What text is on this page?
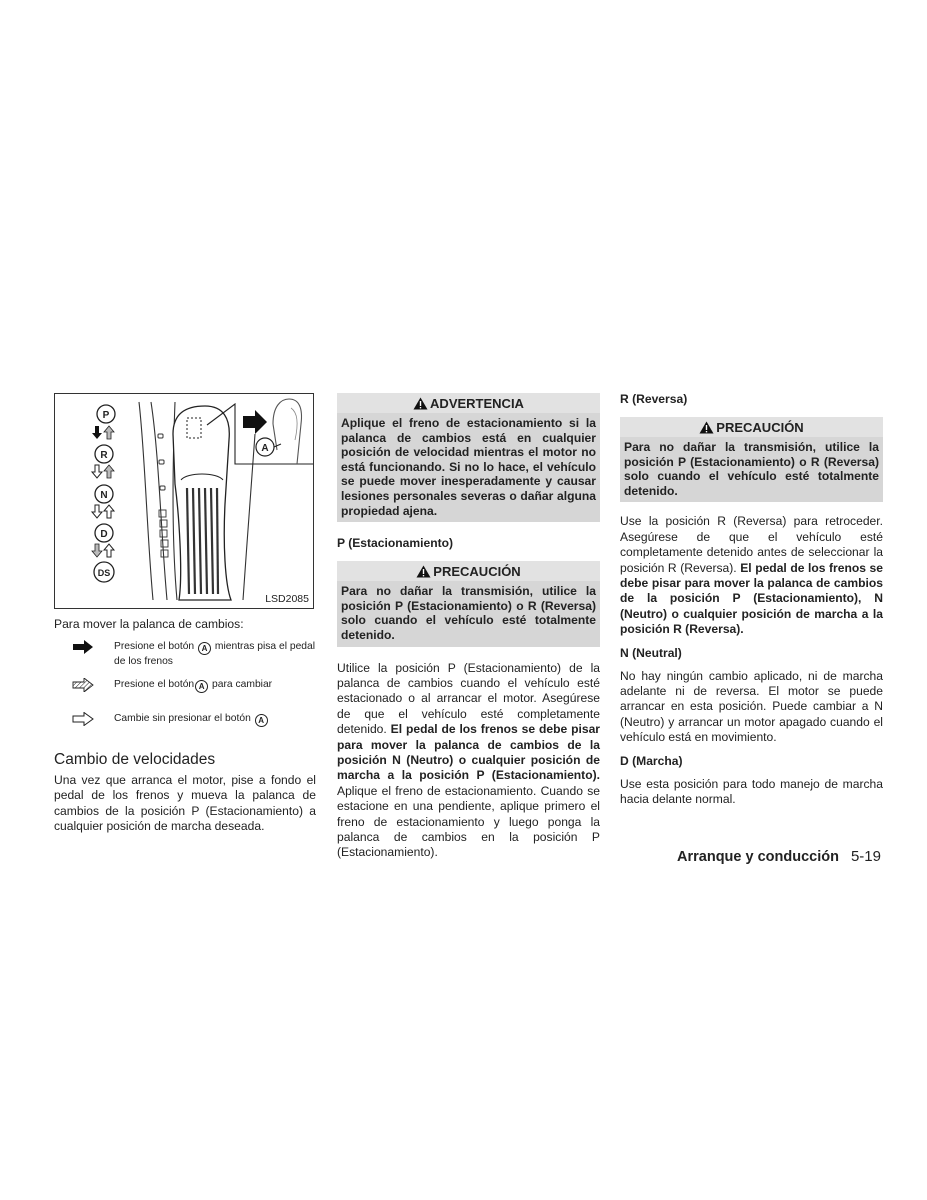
P
R
N
D
DS
A
LSD2085
Para mover la palanca de cambios:
Presione el botón A mientras pisa el pedal de los frenos
Presione el botón A para cambiar
Cambie sin presionar el botón A
Cambio de velocidades

Una vez que arranca el motor, pise a fondo el pedal de los frenos y mueva la palanca de cambios de la posición P (Estacionamiento) a cualquier posición de marcha deseada.

ADVERTENCIA
Aplique el freno de estacionamiento si la palanca de cambios está en cualquier posición de velocidad mientras el motor no está funcionando. Si no lo hace, el vehículo se puede mover inesperadamente y causar lesiones personales severas o dañar alguna propiedad ajena.
P (Estacionamiento)
PRECAUCIÓN
Para no dañar la transmisión, utilice la posición P (Estacionamiento) o R (Reversa) solo cuando el vehículo esté totalmente detenido.

Utilice la posición P (Estacionamiento) de la palanca de cambios cuando el vehículo esté estacionado o al arrancar el motor. Asegúrese de que el vehículo esté completamente detenido. El pedal de los frenos se debe pisar para mover la palanca de cambios de la posición N (Neutro) o cualquier posición de marcha a la posición P (Estacionamiento). Aplique el freno de estacionamiento. Cuando se estacione en una pendiente, aplique primero el freno de estacionamiento y luego ponga la palanca de cambios en la posición P (Estacionamiento).

R (Reversa)
PRECAUCIÓN
Para no dañar la transmisión, utilice la posición P (Estacionamiento) o R (Reversa) solo cuando el vehículo esté totalmente detenido.

Use la posición R (Reversa) para retroceder. Asegúrese de que el vehículo esté completamente detenido antes de seleccionar la posición R (Reversa). El pedal de los frenos se debe pisar para mover la palanca de cambios de la posición P (Estacionamiento), N (Neutro) o cualquier posición de marcha a la posición R (Reversa).

N (Neutral)

No hay ningún cambio aplicado, ni de marcha adelante ni de reversa. El motor se puede arrancar en esta posición. Puede cambiar a N (Neutro) y arrancar un motor apagado cuando el vehículo está en movimiento.

D (Marcha)

Use esta posición para todo manejo de marcha hacia delante normal.

Arranque y conducción 5-19
